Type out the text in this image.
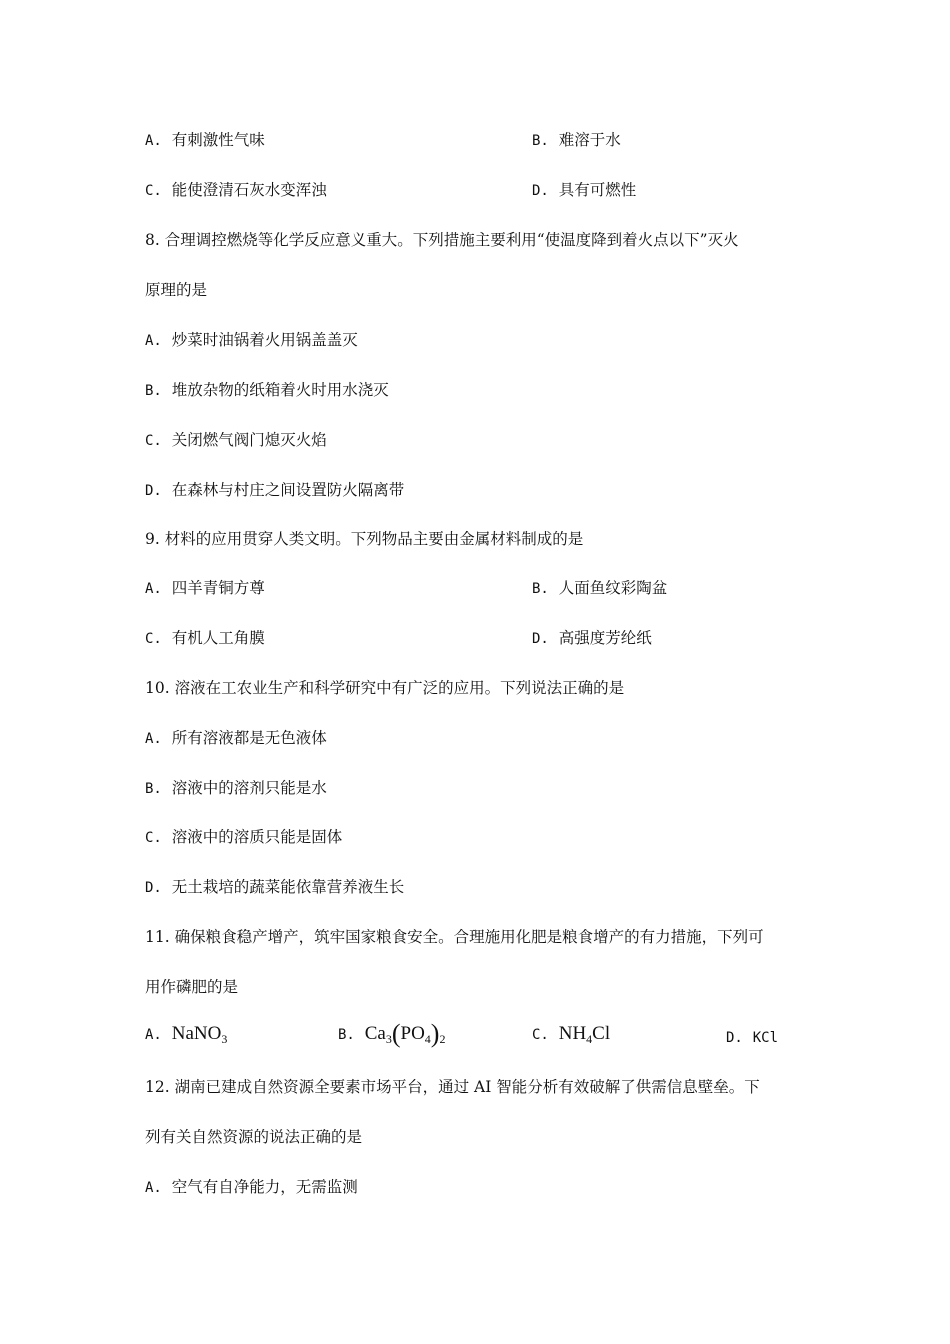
A. 有刺激性气味	B. 难溶于水
C. 能使澄清石灰水变浑浊	D. 具有可燃性
8. 合理调控燃烧等化学反应意义重大。下列措施主要利用“使温度降到着火点以下”灭火
原理的是
A. 炒菜时油锅着火用锅盖盖灭
B. 堆放杂物的纸箱着火时用水浇灭
C. 关闭燃气阀门熄灭火焰
D. 在森林与村庄之间设置防火隔离带
9. 材料的应用贯穿人类文明。下列物品主要由金属材料制成的是
A. 四羊青铜方尊	B. 人面鱼纹彩陶盆
C. 有机人工角膜	D. 高强度芳纶纸
10. 溶液在工农业生产和科学研究中有广泛的应用。下列说法正确的是
A. 所有溶液都是无色液体
B. 溶液中的溶剂只能是水
C. 溶液中的溶质只能是固体
D. 无土栽培的蔬菜能依靠营养液生长
11. 确保粮食稳产增产，筑牢国家粮食安全。合理施用化肥是粮食增产的有力措施，下列可
用作磷肥的是
A. NaNO$_3$	B. $Ca_3(PO_4)_2$	C. $NH_4Cl$	D. KCl
12. 湖南已建成自然资源全要素市场平台，通过 AI 智能分析有效破解了供需信息壁垒。下
列有关自然资源的说法正确的是
A. 空气有自净能力，无需监测
